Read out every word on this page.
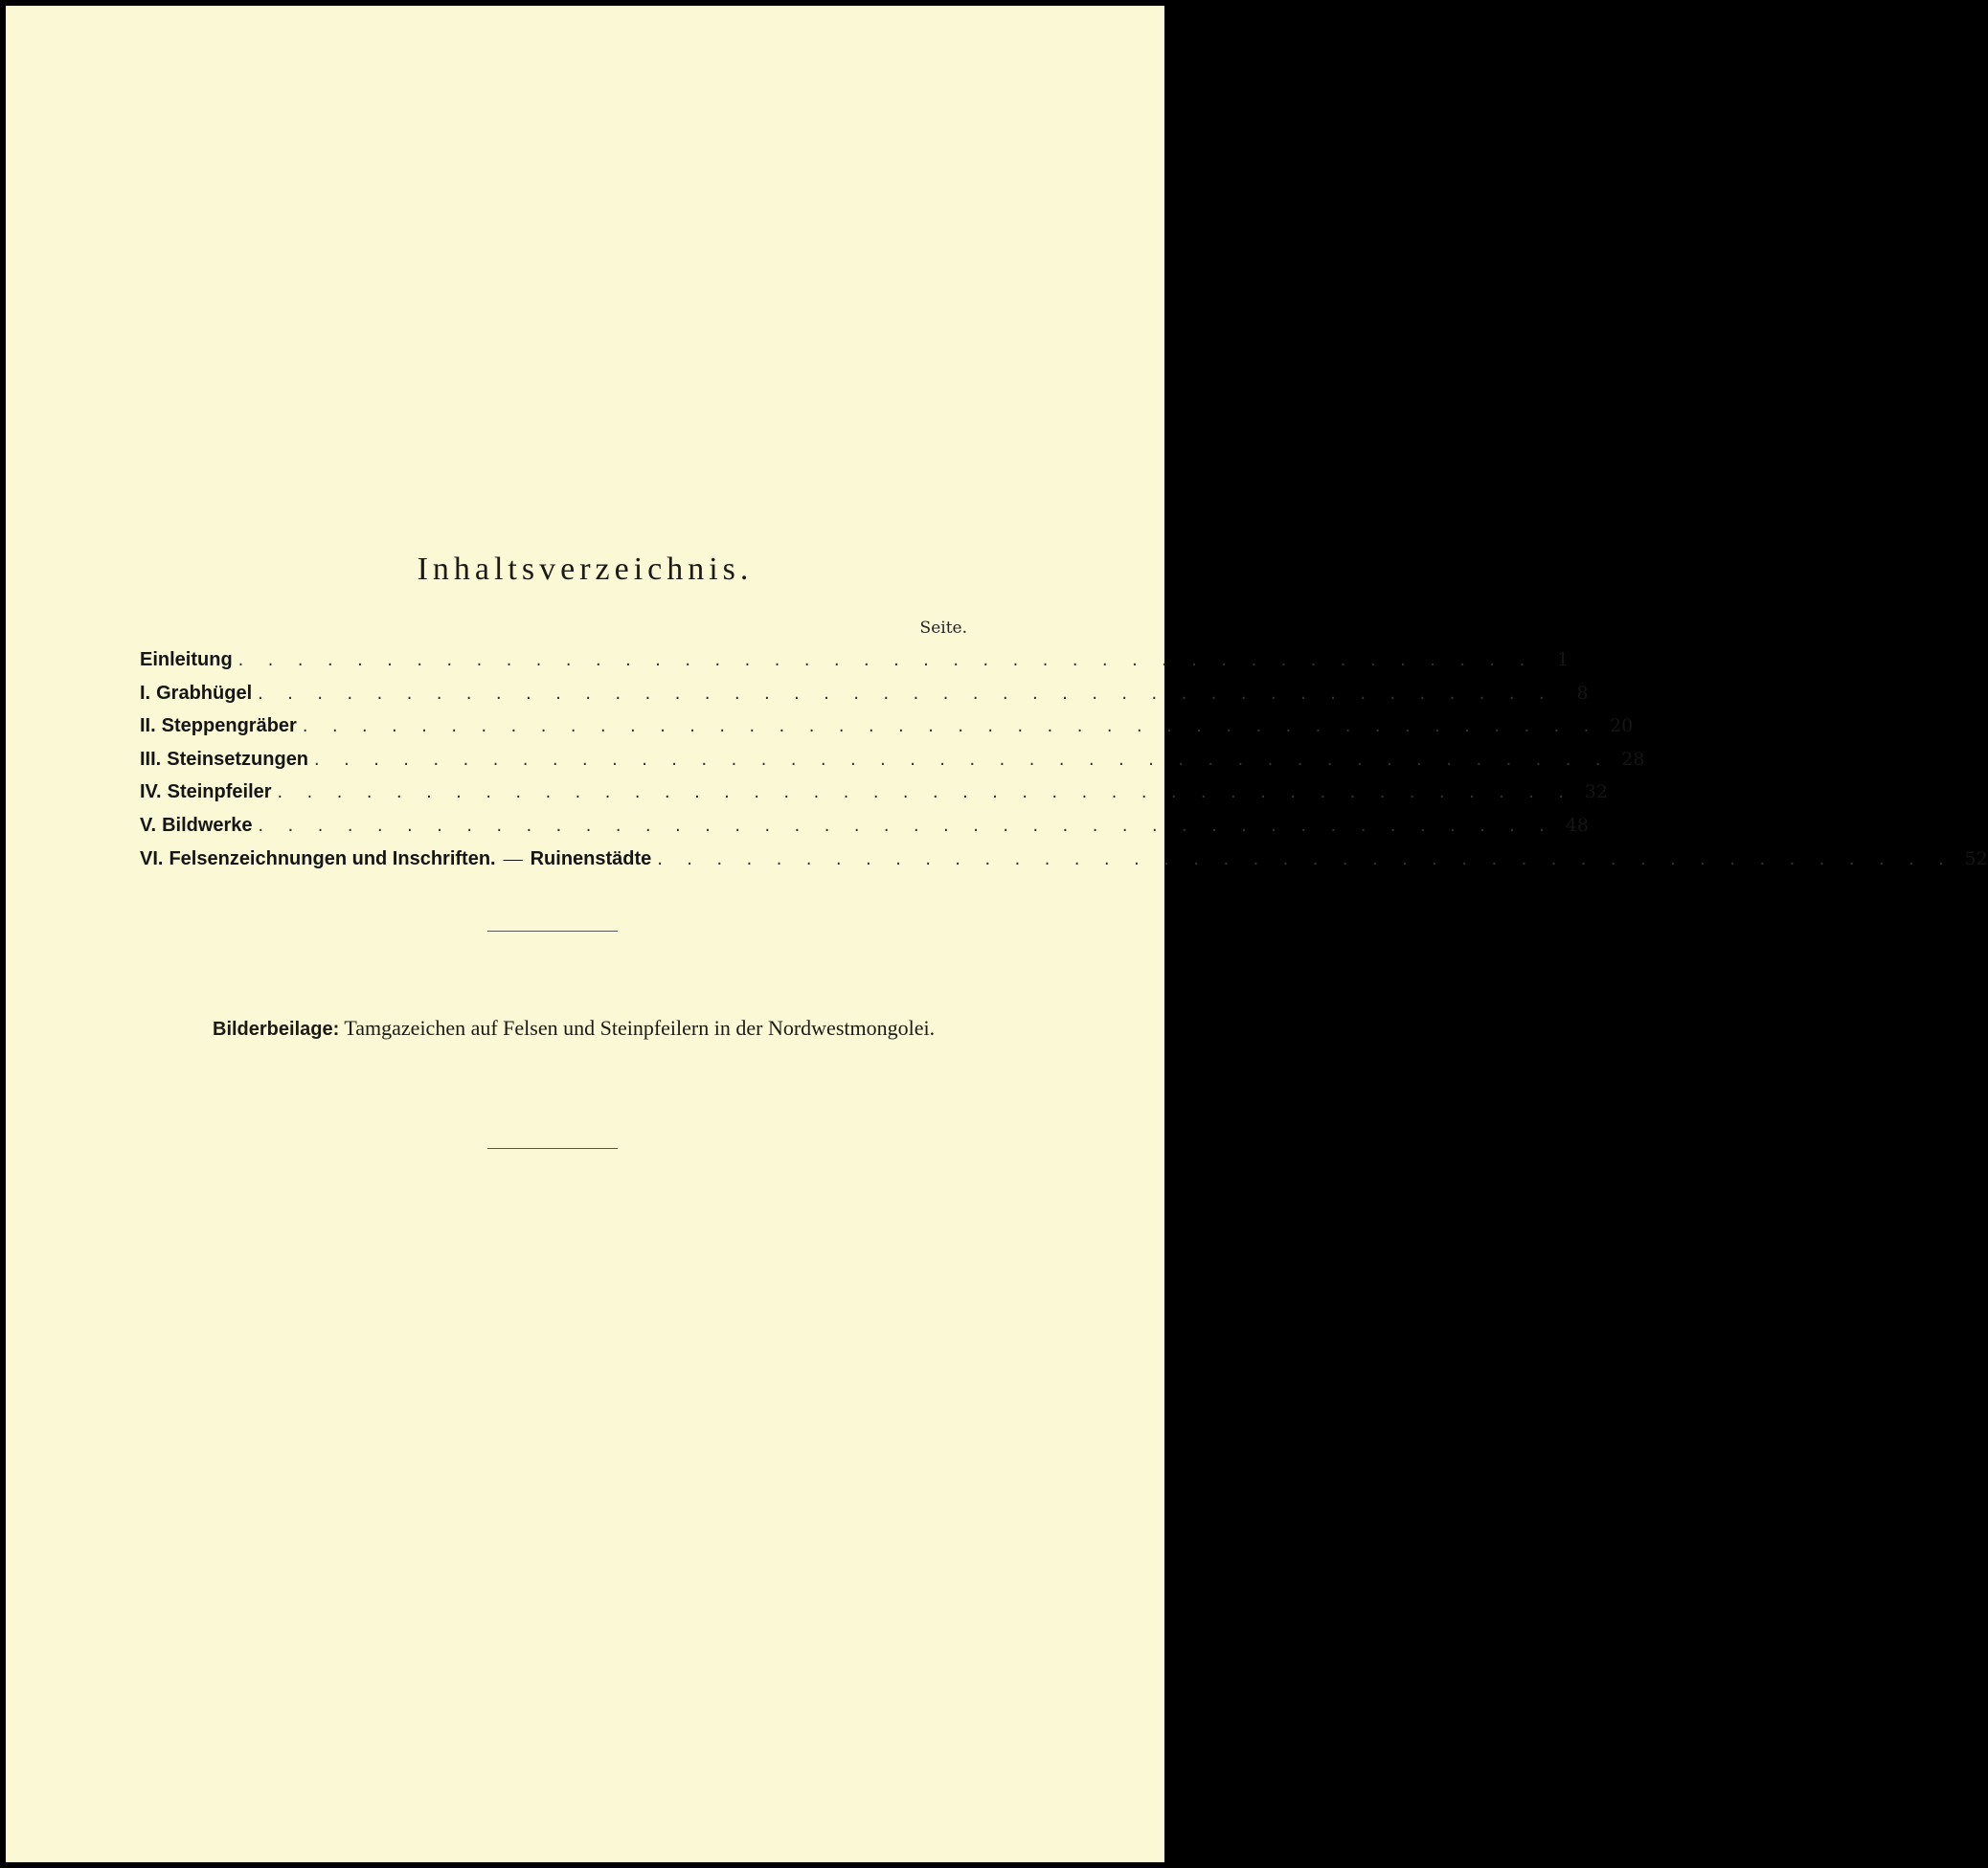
Inhaltsverzeichnis.
Seite.
Einleitung . . . . . . . . . . . . . . . . . . . . . . . . . . . . . . . . . . . . . . . . . . . .	1
I. Grabhügel . . . . . . . . . . . . . . . . . . . . . . . . . . . . . . . . . . . . . . . . . . . .	8
II. Steppengräber . . . . . . . . . . . . . . . . . . . . . . . . . . . . . . . . . . . . . . . . . . . . 20
III. Steinsetzungen . . . . . . . . . . . . . . . . . . . . . . . . . . . . . . . . . . . . . . . . . . . . 28
IV. Steinpfeiler . . . . . . . . . . . . . . . . . . . . . . . . . . . . . . . . . . . . . . . . . . . . 32
V. Bildwerke . . . . . . . . . . . . . . . . . . . . . . . . . . . . . . . . . . . . . . . . . . . . 48
VI. Felsenzeichnungen und Inschriften. — Ruinenstädte . . . . . . . . . . . . . . . . . . . . . . . . . . . . . . . . . . . . . . . . . . . . 52
Bilderbeilage: Tamgazeichen auf Felsen und Steinpfeilern in der Nordwestmongolei.
